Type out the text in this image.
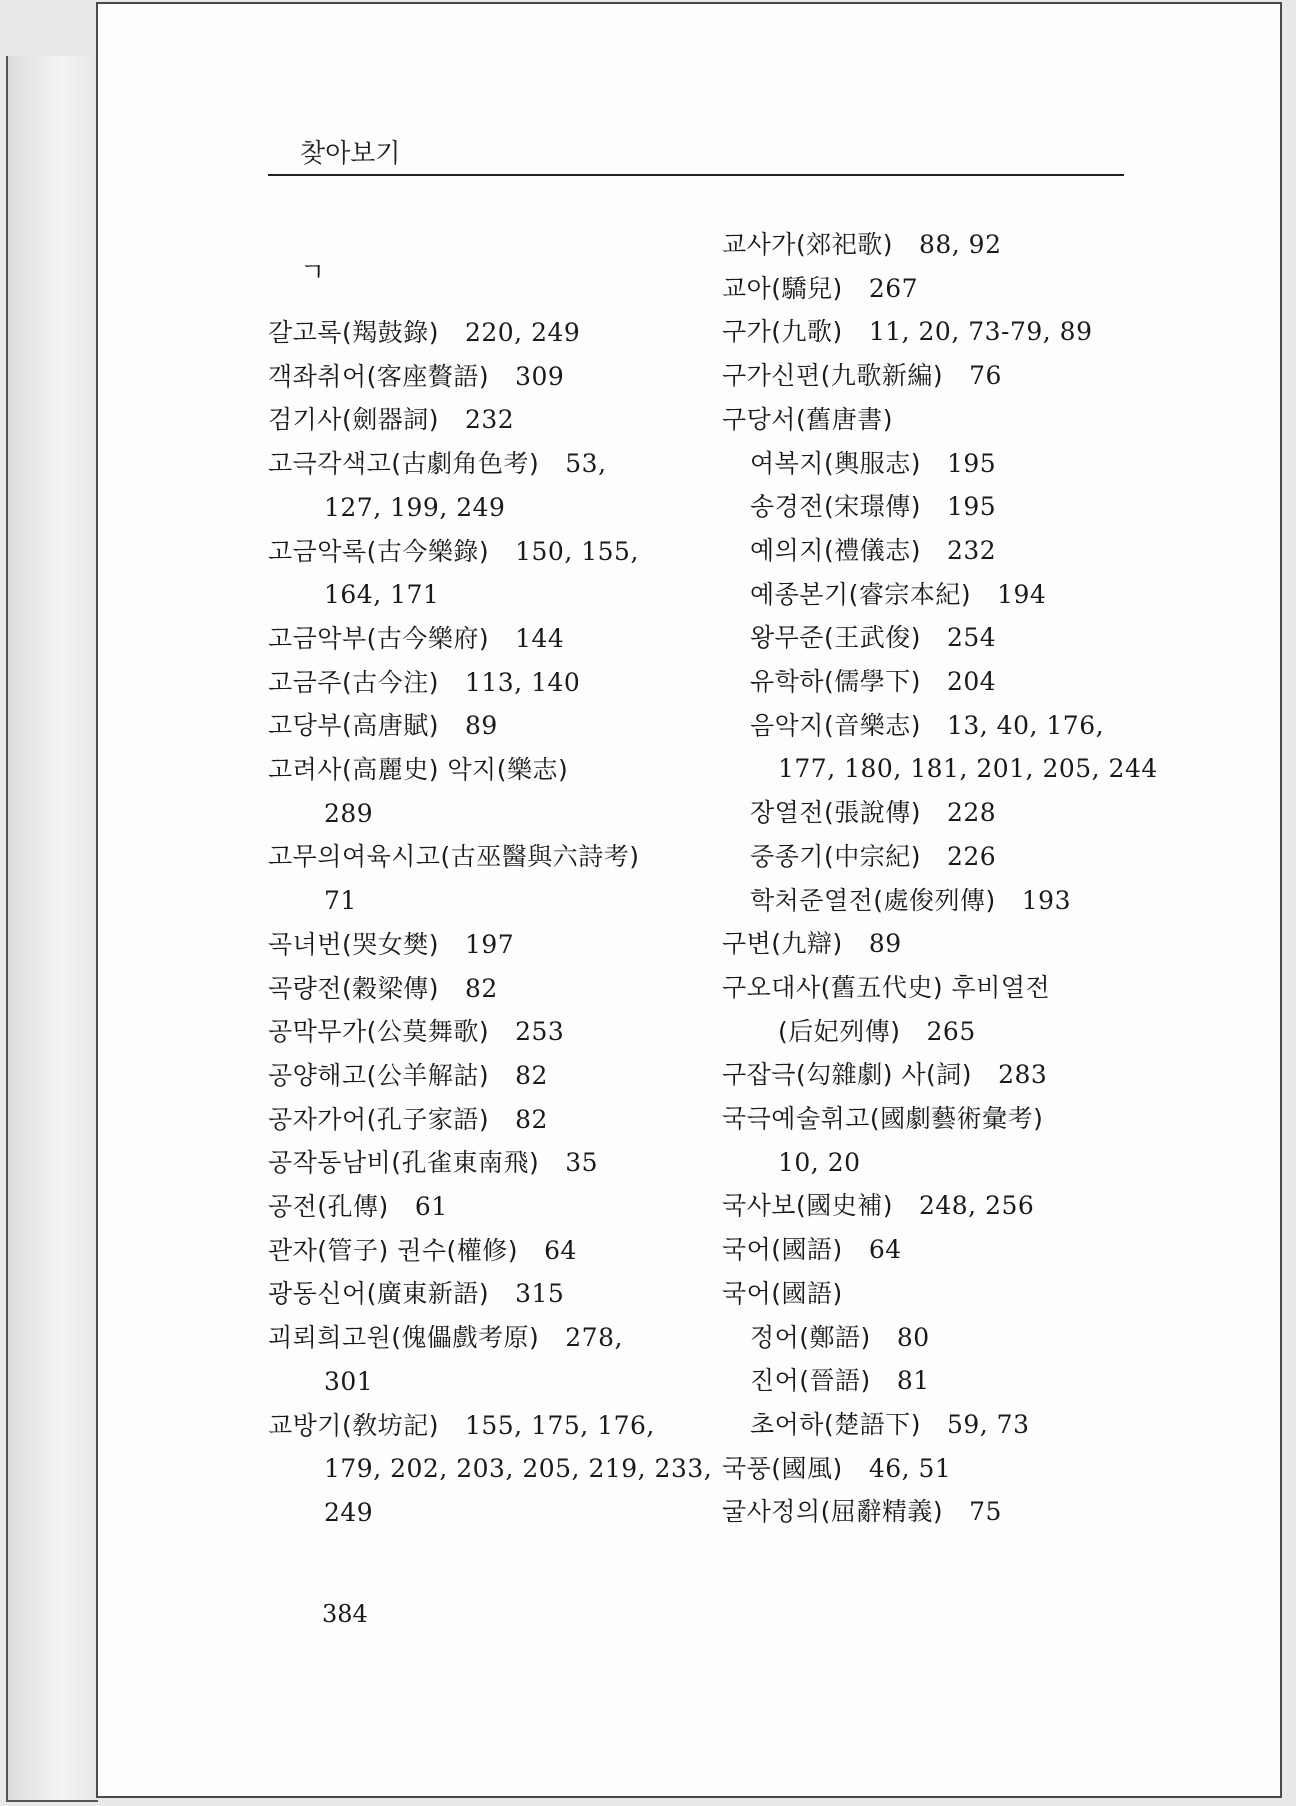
찾아보기
ㄱ
갈고록(羯鼓錄) 220, 249
객좌취어(客座贅語) 309
검기사(劍器詞) 232
고극각색고(古劇角色考) 53,
127, 199, 249
고금악록(古今樂錄) 150, 155,
164, 171
고금악부(古今樂府) 144
고금주(古今注) 113, 140
고당부(高唐賦) 89
고려사(高麗史) 악지(樂志)
289
고무의여육시고(古巫醫與六詩考)
71
곡녀번(哭女樊) 197
곡량전(穀梁傳) 82
공막무가(公莫舞歌) 253
공양해고(公羊解詁) 82
공자가어(孔子家語) 82
공작동남비(孔雀東南飛) 35
공전(孔傳) 61
관자(管子) 권수(權修) 64
광동신어(廣東新語) 315
괴뢰희고원(傀儡戲考原) 278,
301
교방기(敎坊記) 155, 175, 176,
179, 202, 203, 205, 219, 233,
249
교사가(郊祀歌) 88, 92
교아(驕兒) 267
구가(九歌) 11, 20, 73-79, 89
구가신편(九歌新編) 76
구당서(舊唐書)
여복지(輿服志) 195
송경전(宋璟傳) 195
예의지(禮儀志) 232
예종본기(睿宗本紀) 194
왕무준(王武俊) 254
유학하(儒學下) 204
음악지(音樂志) 13, 40, 176,
177, 180, 181, 201, 205, 244
장열전(張說傳) 228
중종기(中宗紀) 226
학처준열전(處俊列傳) 193
구변(九辯) 89
구오대사(舊五代史) 후비열전
(后妃列傳) 265
구잡극(勾雜劇) 사(詞) 283
국극예술휘고(國劇藝術彙考)
10, 20
국사보(國史補) 248, 256
국어(國語) 64
국어(國語)
정어(鄭語) 80
진어(晉語) 81
초어하(楚語下) 59, 73
국풍(國風) 46, 51
굴사정의(屈辭精義) 75
384
